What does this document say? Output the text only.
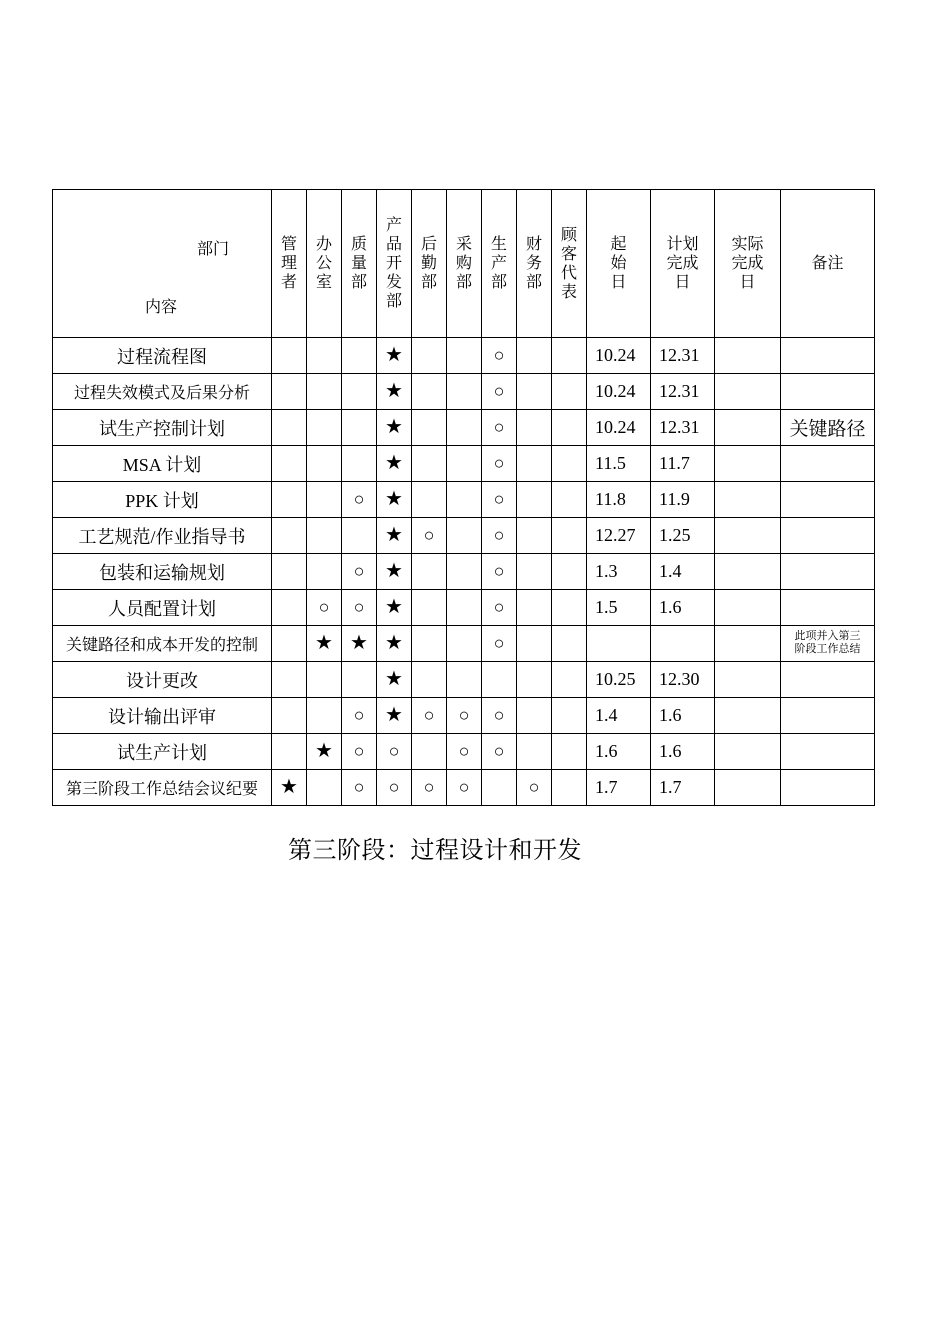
部门
内容	管
理
者	办
公
室	质
量
部	产
品
开
发
部	后
勤
部	采
购
部	生
产
部	财
务
部	顾
客
代
表	起
始
日	计划
完成
日	实际
完成
日	备注
过程流程图				★			○			10.24	12.31		
过程失效模式及后果分析				★			○			10.24	12.31		
试生产控制计划				★			○			10.24	12.31		关键路径
MSA 计划				★			○			11.5	11.7		
PPK 计划			○	★			○			11.8	11.9		
工艺规范/作业指导书				★	○		○			12.27	1.25		
包装和运输规划			○	★			○			1.3	1.4		
人员配置计划		○	○	★			○			1.5	1.6		
关键路径和成本开发的控制		★	★	★			○						此项并入第三
阶段工作总结
设计更改				★						10.25	12.30		
设计输出评审			○	★	○	○	○			1.4	1.6		
试生产计划		★	○	○		○	○			1.6	1.6		
第三阶段工作总结会议纪要	★		○	○	○	○		○		1.7	1.7		
第三阶段：过程设计和开发
